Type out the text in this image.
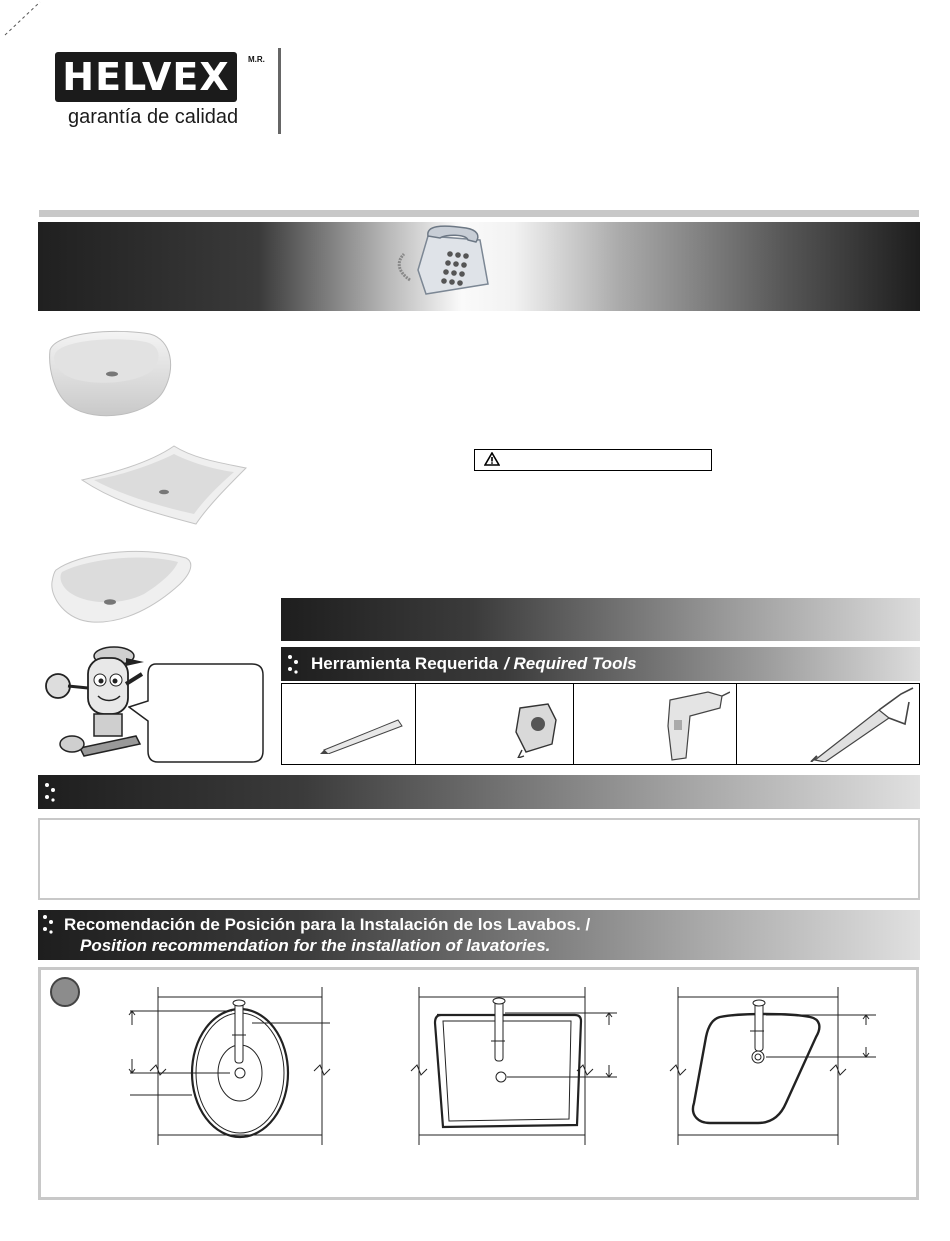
HELVEX M.R.
garantía de calidad
Herramienta Requerida / Required Tools
Recomendación de Posición para la Instalación de los Lavabos. /
Position recommendation for the installation of lavatories.
